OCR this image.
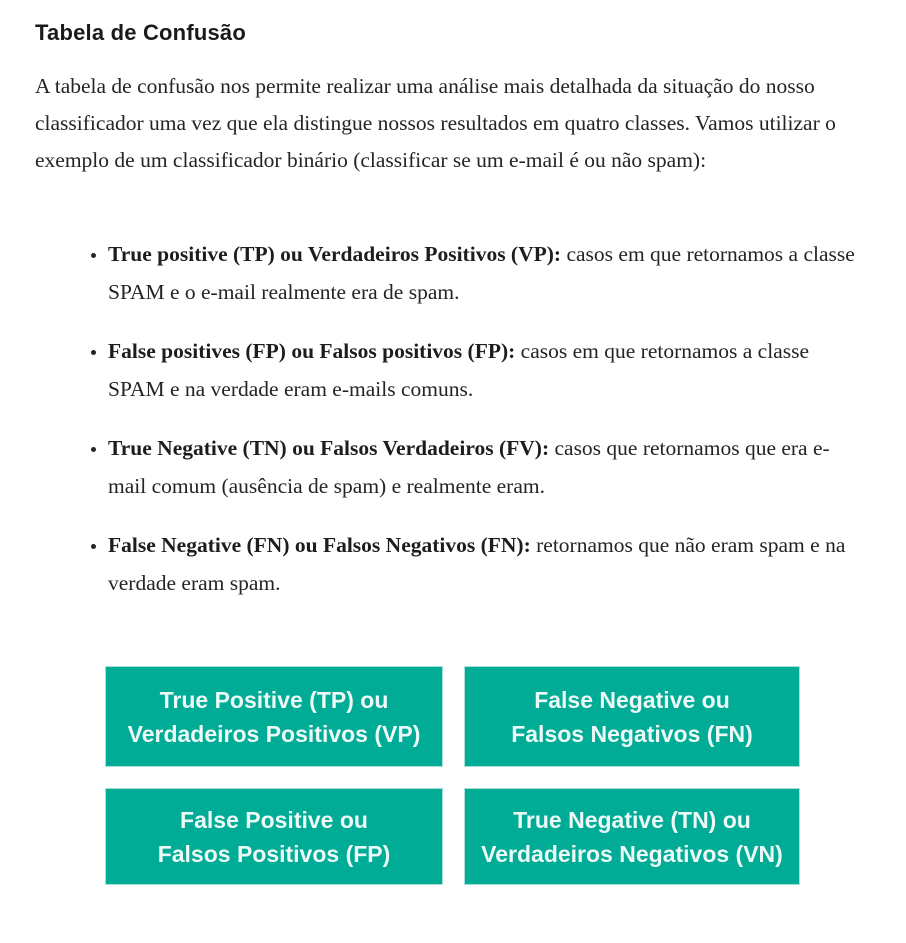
Tabela de Confusão

A tabela de confusão nos permite realizar uma análise mais detalhada da situação do nosso classificador uma vez que ela distingue nossos resultados em quatro classes. Vamos utilizar o exemplo de um classificador binário (classificar se um e-mail é ou não spam):

• True positive (TP) ou Verdadeiros Positivos (VP): casos em que retornamos a classe SPAM e o e-mail realmente era de spam.
• False positives (FP) ou Falsos positivos (FP): casos em que retornamos a classe SPAM e na verdade eram e-mails comuns.
• True Negative (TN) ou Falsos Verdadeiros (FV): casos que retornamos que era e-mail comum (ausência de spam) e realmente eram.
• False Negative (FN) ou Falsos Negativos (FN): retornamos que não eram spam e na verdade eram spam.
True Positive (TP) ou
Verdadeiros Positivos (VP)
False Negative ou
Falsos Negativos (FN)
False Positive ou
Falsos Positivos (FP)
True Negative (TN) ou
Verdadeiros Negativos (VN)
